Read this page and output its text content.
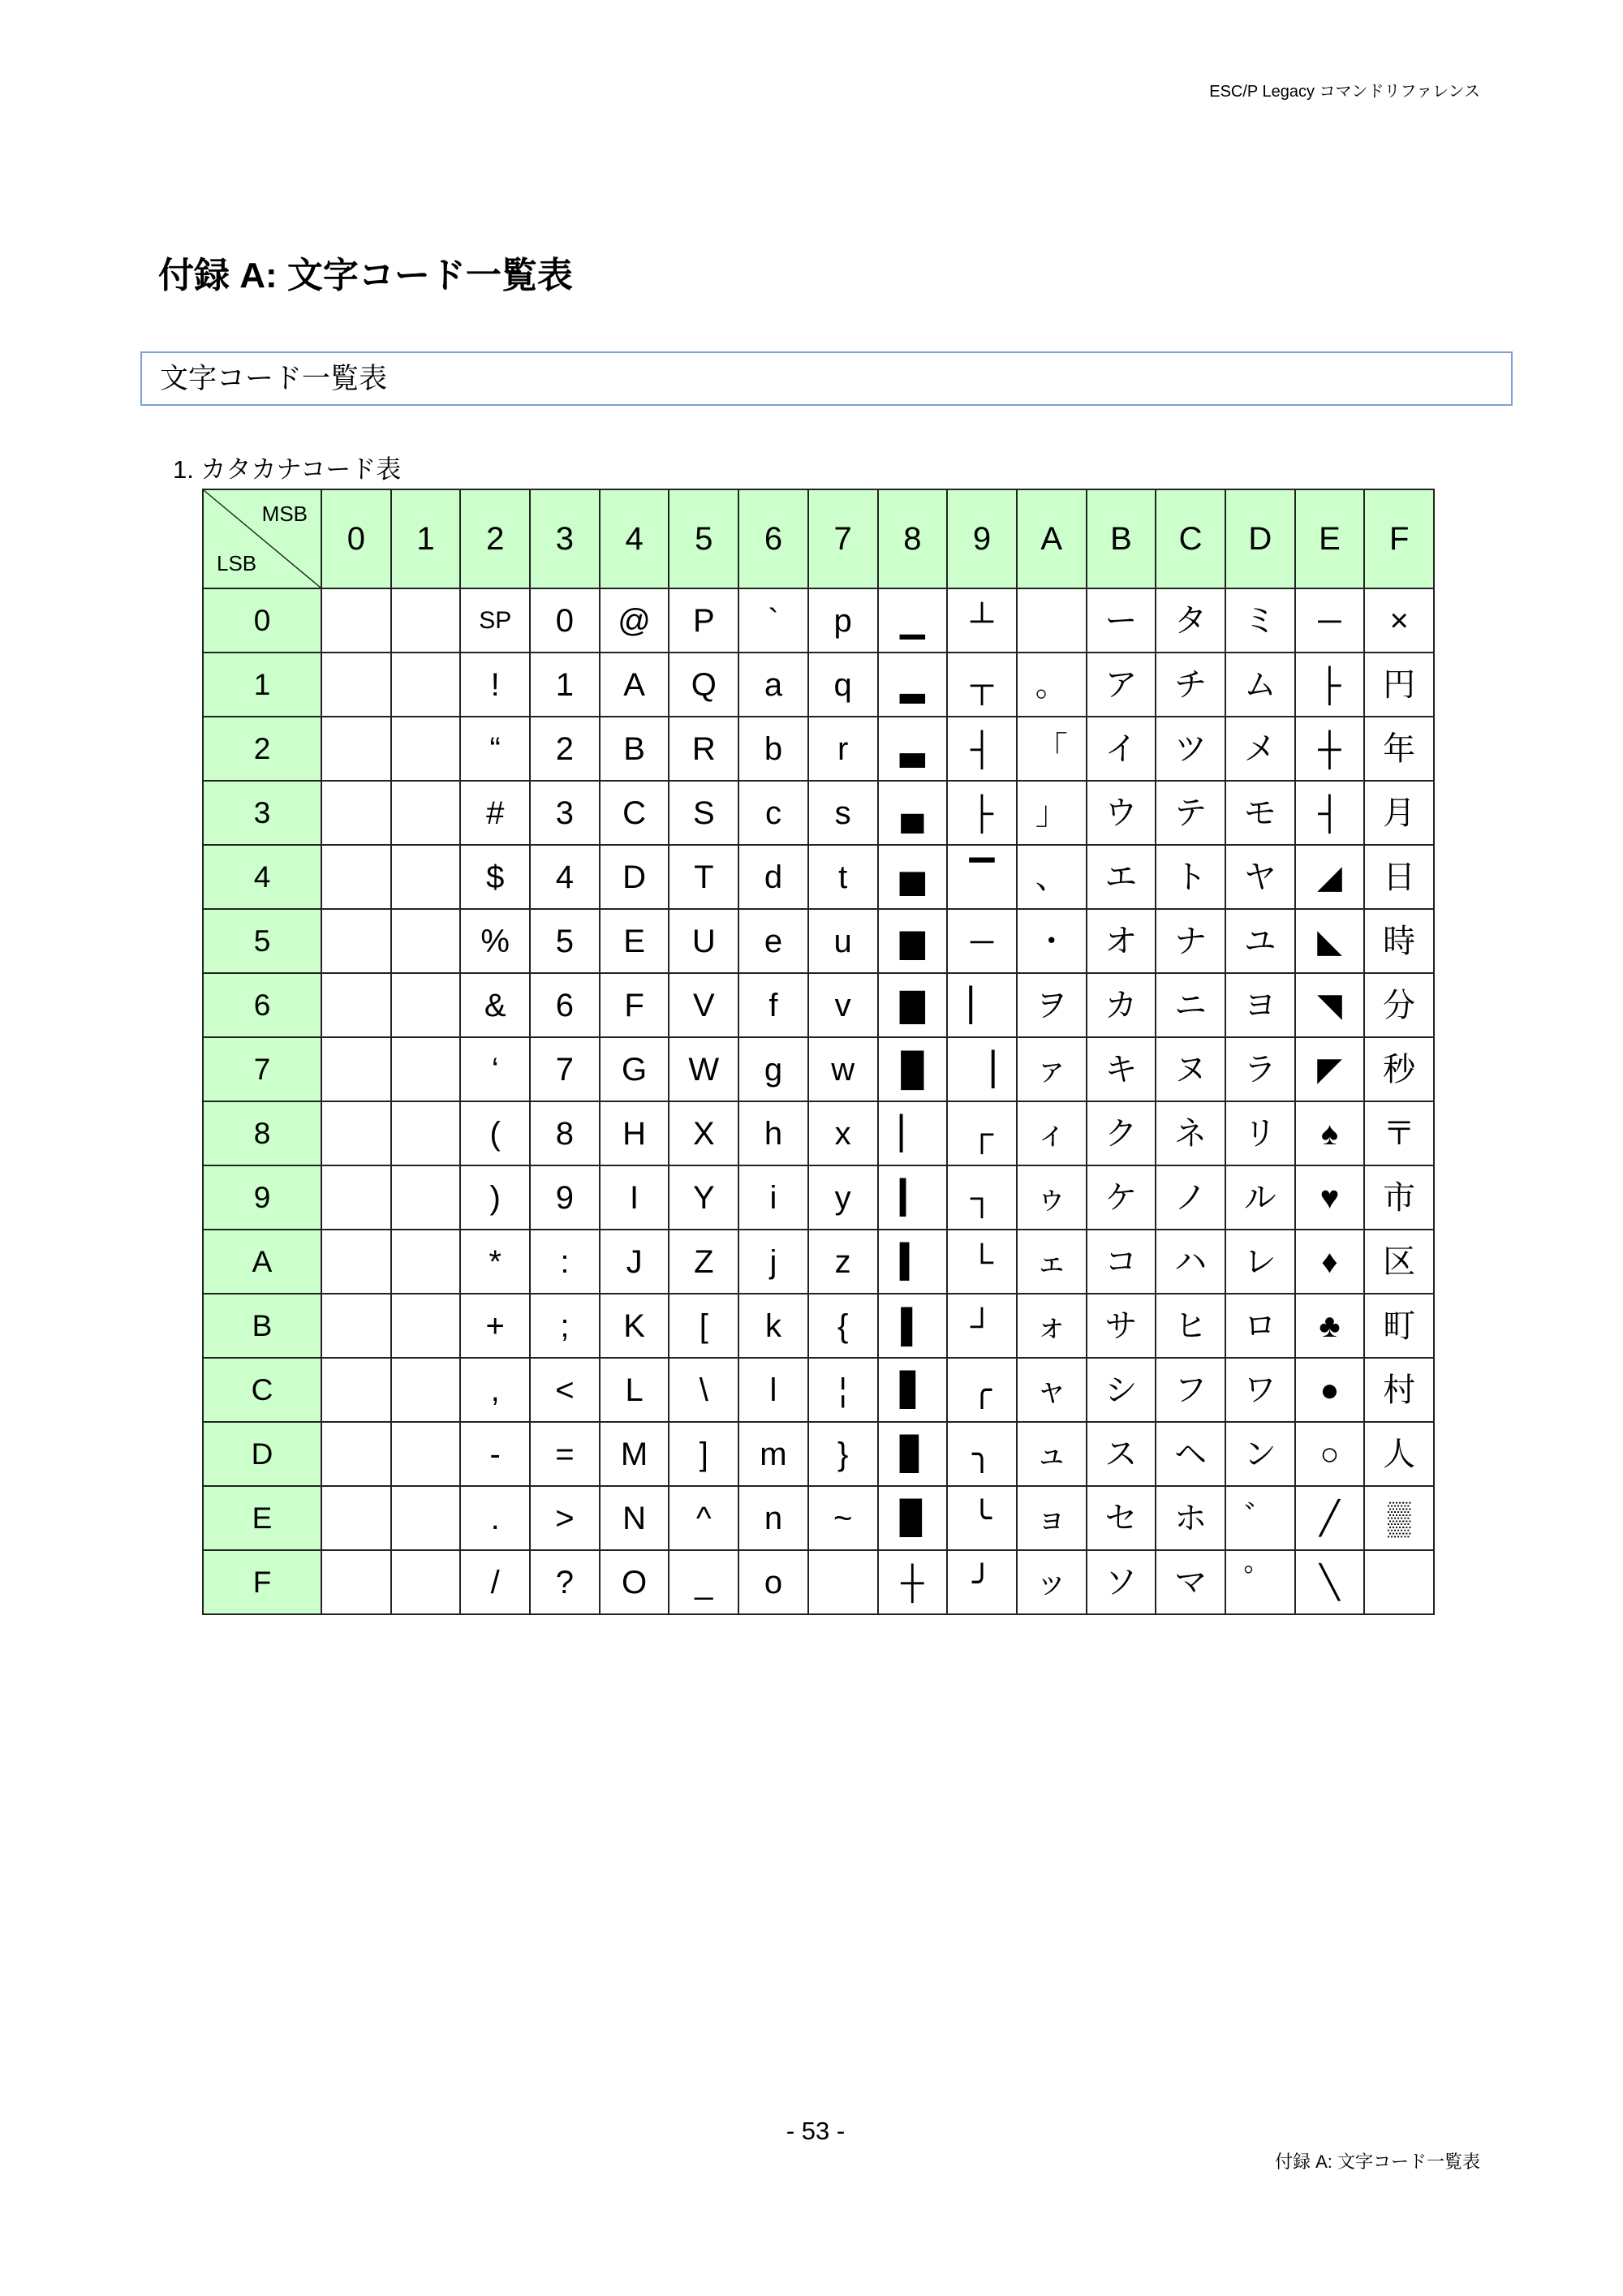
ESC/P Legacy コマンドリファレンス
付録 A: 文字コード一覧表
文字コード一覧表
1. カタカナコード表
MSB
LSB	0	1	2	3	4	5	6	7	8	9	A	B	C	D	E	F
0			SP	0	@	P	`	p	▁	┴		ー	タ	ミ	─	×
1			!	1	A	Q	a	q	▂	┬	。	ア	チ	ム	├	円
2			“	2	B	R	b	r	▃	┤	「	イ	ツ	メ	┼	年
3			#	3	C	S	c	s	▄	├	」	ウ	テ	モ	┤	月
4			$	4	D	T	d	t	▅	▔	、	エ	ト	ヤ	◢	日
5			%	5	E	U	e	u	▆	─	・	オ	ナ	ユ	◣	時
6			&	6	F	V	f	v	▇	▏	ヲ	カ	ニ	ヨ	◥	分
7			‘	7	G	W	g	w	█	▕	ァ	キ	ヌ	ラ	◤	秒
8			(	8	H	X	h	x	▏	┌	ィ	ク	ネ	リ	♠	〒
9			)	9	I	Y	i	y	▎	┐	ゥ	ケ	ノ	ル	♥	市
A			*	:	J	Z	j	z	▍	└	ェ	コ	ハ	レ	♦	区
B			+	;	K	[	k	{	▌	┘	ォ	サ	ヒ	ロ	♣	町
C			,	<	L	\	l	¦	▋	╭	ャ	シ	フ	ワ	●	村
D			-	=	M	]	m	}	▊	╮	ュ	ス	ヘ	ン	○	人
E			.	>	N	^	n	~	▉	╰	ョ	セ	ホ	゛	╱	▒
F			/	?	O	_	o		┼	╯	ッ	ソ	マ	゜	╲	
- 53 -
付録 A: 文字コード一覧表
